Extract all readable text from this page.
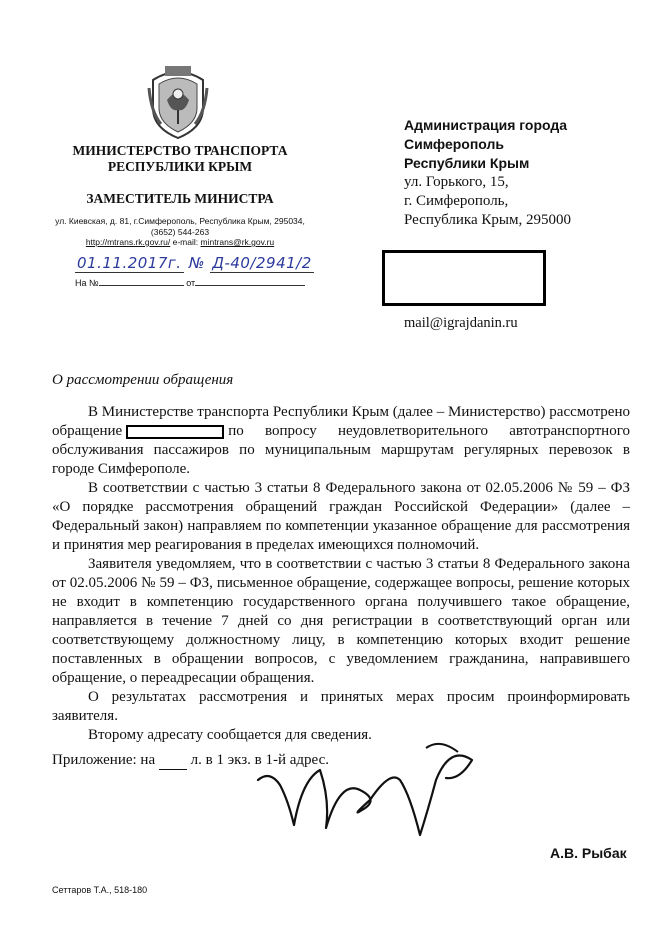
МИНИСТЕРСТВО ТРАНСПОРТА
РЕСПУБЛИКИ КРЫМ
ЗАМЕСТИТЕЛЬ МИНИСТРА
ул. Киевская, д. 81, г.Симферополь, Республика Крым, 295034,
(3652) 544-263
http://mtrans.rk.gov.ru/ e-mail: mintrans@rk.gov.ru
01.11.2017г. № Д-40/2941/2
На №	от
Администрация города
Симферополь
Республики Крым
ул. Горького, 15,
г. Симферополь,
Республика Крым, 295000
mail@igrajdanin.ru
О рассмотрении обращения

В Министерстве транспорта Республики Крым (далее – Министерство) рассмотрено обращение	по вопросу неудовлетворительного автотранспортного обслуживания пассажиров по муниципальным маршрутам регулярных перевозок в городе Симферополе.

В соответствии с частью 3 статьи 8 Федерального закона от 02.05.2006 № 59 – ФЗ «О порядке рассмотрения обращений граждан Российской Федерации» (далее –Федеральный закон) направляем по компетенции указанное обращение для рассмотрения и принятия мер реагирования в пределах имеющихся полномочий.

Заявителя уведомляем, что в соответствии с частью 3 статьи 8 Федерального закона от 02.05.2006 № 59 – ФЗ, письменное обращение, содержащее вопросы, решение которых не входит в компетенцию государственного органа получившего такое обращение, направляется в течение 7 дней со дня регистрации в соответствующий орган или соответствующему должностному лицу, в компетенцию которых входит решение поставленных в обращении вопросов, с уведомлением гражданина, направившего обращение, о переадресации обращения.

О результатах рассмотрения и принятых мерах просим проинформировать заявителя.

Второму адресату сообщается для сведения.

Приложение: на л. в 1 экз. в 1-й адрес.
А.В. Рыбак
Сеттаров Т.А., 518-180
